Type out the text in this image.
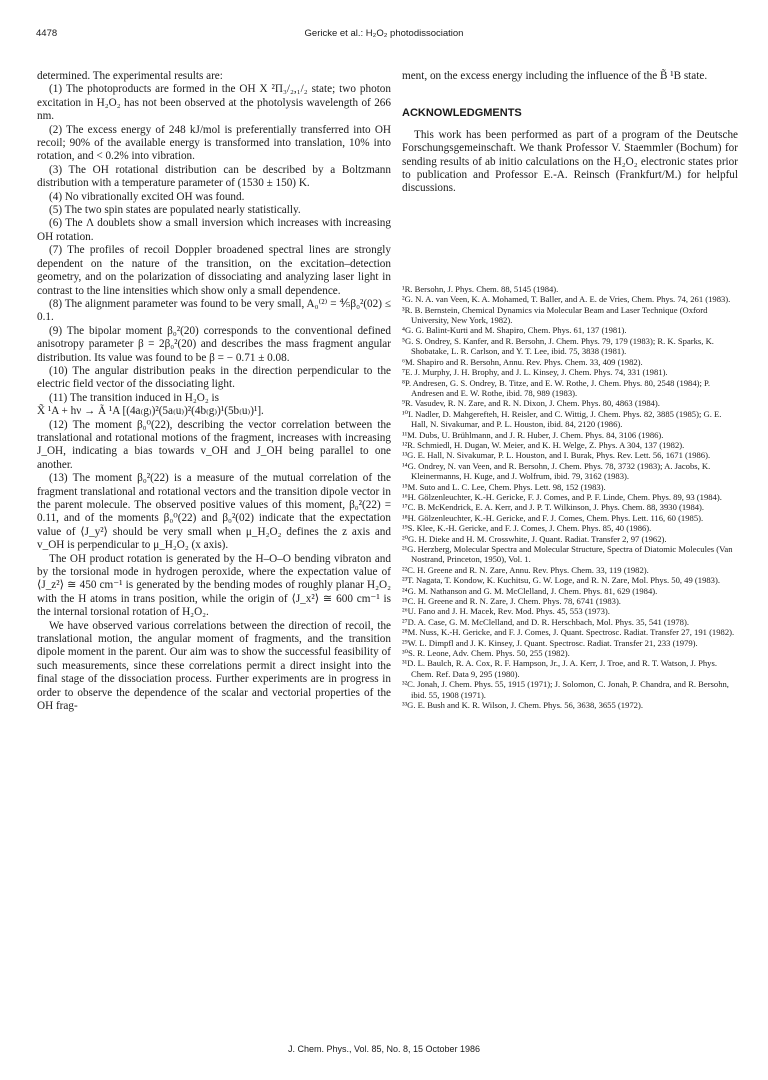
4478	Gericke et al.: H₂O₂ photodissociation

determined. The experimental results are:

(1) The photoproducts are formed in the OH X ²Π₃/₂,₁/₂ state; two photon excitation in H₂O₂ has not been observed at the photolysis wavelength of 266 nm.

(2) The excess energy of 248 kJ/mol is preferentially transferred into OH recoil; 90% of the available energy is transformed into translation, 10% into rotation, and < 0.2% into vibration.

(3) The OH rotational distribution can be described by a Boltzmann distribution with a temperature parameter of (1530 ± 150) K.

(4) No vibrationally excited OH was found.

(5) The two spin states are populated nearly statistically.

(6) The Λ doublets show a small inversion which increases with increasing OH rotation.

(7) The profiles of recoil Doppler broadened spectral lines are strongly dependent on the nature of the transition, on the excitation–detection geometry, and on the polarization of dissociating and analyzing laser light in contrast to the line intensities which show only a small dependence.

(8) The alignment parameter was found to be very small, A₀⁽²⁾ = ⅘β₀²(02) ≤ 0.1.

(9) The bipolar moment β₀²(20) corresponds to the conventional defined anisotropy parameter β = 2β₀²(20) and describes the mass fragment angular distribution. Its value was found to be β = − 0.71 ± 0.08.

(10) The angular distribution peaks in the direction perpendicular to the electric field vector of the dissociating light.

(11) The transition induced in H₂O₂ is

X̃ ¹A + hν → Ã ¹A [(4a₍g₎)²(5a₍u₎)²(4b₍g₎)¹(5b₍u₎)¹].

(12) The moment β₀⁰(22), describing the vector correlation between the translational and rotational motions of the fragment, increases with increasing J_OH, indicating a bias towards v_OH and J_OH being parallel to one another.

(13) The moment β₀²(22) is a measure of the mutual correlation of the fragment translational and rotational vectors and the transition dipole vector in the parent molecule. The observed positive values of this moment, β₀²(22) = 0.11, and of the moments β₀⁰(22) and β₀²(02) indicate that the expectation value of ⟨J_y²⟩ should be very small when μ_H₂O₂ defines the z axis and v_OH is perpendicular to μ_H₂O₂ (x axis).

The OH product rotation is generated by the H–O–O bending vibraton and by the torsional mode in hydrogen peroxide, where the expectation value of ⟨J_z²⟩ ≅ 450 cm⁻¹ is generated by the bending modes of roughly planar H₂O₂ with the H atoms in trans position, while the origin of ⟨J_x²⟩ ≅ 600 cm⁻¹ is the internal torsional rotation of H₂O₂.

We have observed various correlations between the direction of recoil, the translational motion, the angular moment of fragments, and the transition dipole moment in the parent. Our aim was to show the successful feasibility of such measurements, since these correlations permit a direct insight into the final stage of the dissociation process. Further experiments are in progress in order to observe the dependence of the scalar and vectorial properties of the OH frag-

ment, on the excess energy including the influence of the B̃ ¹B state.

ACKNOWLEDGMENTS

This work has been performed as part of a program of the Deutsche Forschungsgemeinschaft. We thank Professor V. Staemmler (Bochum) for sending results of ab initio calculations on the H₂O₂ electronic states prior to publication and Professor E.-A. Reinsch (Frankfurt/M.) for helpful discussions.

¹R. Bersohn, J. Phys. Chem. 88, 5145 (1984).
²G. N. A. van Veen, K. A. Mohamed, T. Baller, and A. E. de Vries, Chem. Phys. 74, 261 (1983).
³R. B. Bernstein, Chemical Dynamics via Molecular Beam and Laser Technique (Oxford University, New York, 1982).
⁴G. G. Balint-Kurti and M. Shapiro, Chem. Phys. 61, 137 (1981).
⁵G. S. Ondrey, S. Kanfer, and R. Bersohn, J. Chem. Phys. 79, 179 (1983); R. K. Sparks, K. Shobatake, L. R. Carlson, and Y. T. Lee, ibid. 75, 3838 (1981).
⁶M. Shapiro and R. Bersohn, Annu. Rev. Phys. Chem. 33, 409 (1982).
⁷E. J. Murphy, J. H. Brophy, and J. L. Kinsey, J. Chem. Phys. 74, 331 (1981).
⁸P. Andresen, G. S. Ondrey, B. Titze, and E. W. Rothe, J. Chem. Phys. 80, 2548 (1984); P. Andresen and E. W. Rothe, ibid. 78, 989 (1983).
⁹R. Vasudev, R. N. Zare, and R. N. Dixon, J. Chem. Phys. 80, 4863 (1984).
¹⁰I. Nadler, D. Mahgerefteh, H. Reisler, and C. Wittig, J. Chem. Phys. 82, 3885 (1985); G. E. Hall, N. Sivakumar, and P. L. Houston, ibid. 84, 2120 (1986).
¹¹M. Dubs, U. Brühlmann, and J. R. Huber, J. Chem. Phys. 84, 3106 (1986).
¹²R. Schmiedl, H. Dugan, W. Meier, and K. H. Welge, Z. Phys. A 304, 137 (1982).
¹³G. E. Hall, N. Sivakumar, P. L. Houston, and I. Burak, Phys. Rev. Lett. 56, 1671 (1986).
¹⁴G. Ondrey, N. van Veen, and R. Bersohn, J. Chem. Phys. 78, 3732 (1983); A. Jacobs, K. Kleinermanns, H. Kuge, and J. Wolfrum, ibid. 79, 3162 (1983).
¹⁵M. Suto and L. C. Lee, Chem. Phys. Lett. 98, 152 (1983).
¹⁶H. Gölzenleuchter, K.-H. Gericke, F. J. Comes, and P. F. Linde, Chem. Phys. 89, 93 (1984).
¹⁷C. B. McKendrick, E. A. Kerr, and J. P. T. Wilkinson, J. Phys. Chem. 88, 3930 (1984).
¹⁸H. Gölzenleuchter, K.-H. Gericke, and F. J. Comes, Chem. Phys. Lett. 116, 60 (1985).
¹⁹S. Klee, K.-H. Gericke, and F. J. Comes, J. Chem. Phys. 85, 40 (1986).
²⁰G. H. Dieke and H. M. Crosswhite, J. Quant. Radiat. Transfer 2, 97 (1962).
²¹G. Herzberg, Molecular Spectra and Molecular Structure, Spectra of Diatomic Molecules (Van Nostrand, Princeton, 1950), Vol. 1.
²²C. H. Greene and R. N. Zare, Annu. Rev. Phys. Chem. 33, 119 (1982).
²³T. Nagata, T. Kondow, K. Kuchitsu, G. W. Loge, and R. N. Zare, Mol. Phys. 50, 49 (1983).
²⁴G. M. Nathanson and G. M. McClelland, J. Chem. Phys. 81, 629 (1984).
²⁵C. H. Greene and R. N. Zare, J. Chem. Phys. 78, 6741 (1983).
²⁶U. Fano and J. H. Macek, Rev. Mod. Phys. 45, 553 (1973).
²⁷D. A. Case, G. M. McClelland, and D. R. Herschbach, Mol. Phys. 35, 541 (1978).
²⁸M. Nuss, K.-H. Gericke, and F. J. Comes, J. Quant. Spectrosc. Radiat. Transfer 27, 191 (1982).
²⁹W. L. Dimpfl and J. K. Kinsey, J. Quant. Spectrosc. Radiat. Transfer 21, 233 (1979).
³⁰S. R. Leone, Adv. Chem. Phys. 50, 255 (1982).
³¹D. L. Baulch, R. A. Cox, R. F. Hampson, Jr., J. A. Kerr, J. Troe, and R. T. Watson, J. Phys. Chem. Ref. Data 9, 295 (1980).
³²C. Jonah, J. Chem. Phys. 55, 1915 (1971); J. Solomon, C. Jonah, P. Chandra, and R. Bersohn, ibid. 55, 1908 (1971).
³³G. E. Bush and K. R. Wilson, J. Chem. Phys. 56, 3638, 3655 (1972).
J. Chem. Phys., Vol. 85, No. 8, 15 October 1986
